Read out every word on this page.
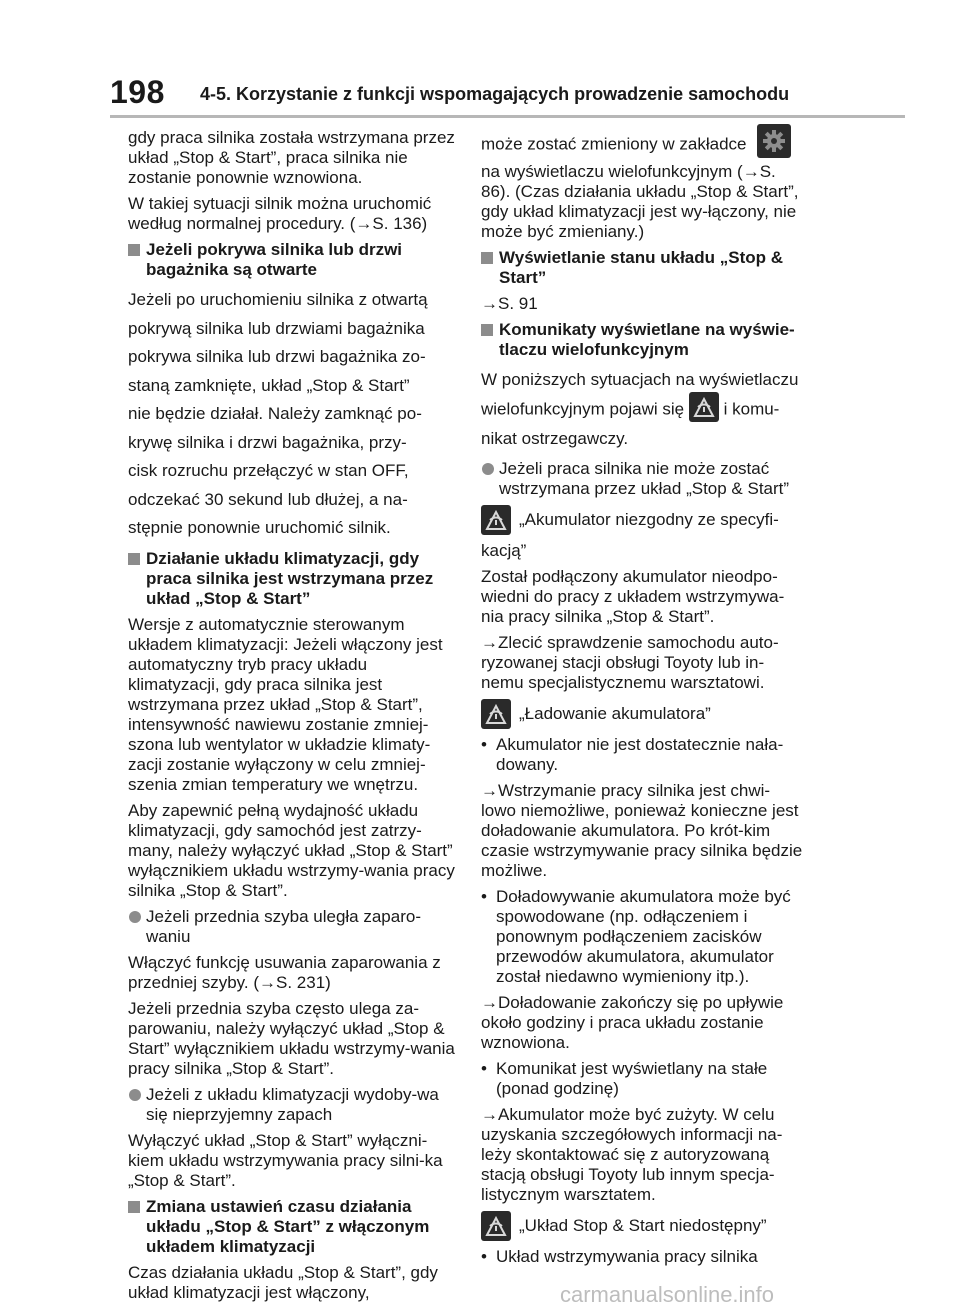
198 4-5. Korzystanie z funkcji wspomagających prowadzenie samochodu

gdy praca silnika została wstrzymana przez układ „Stop & Start”, praca silnika nie zostanie ponownie wznowiona.

W takiej sytuacji silnik można uruchomić według normalnej procedury. (→S. 136)

Jeżeli pokrywa silnika lub drzwi bagażnika są otwarte
Jeżeli po uruchomieniu silnika z otwartą
pokrywą silnika lub drzwiami bagażnika
pokrywa silnika lub drzwi bagażnika zo-
staną zamknięte, układ „Stop & Start”
nie będzie działał. Należy zamknąć po-
krywę silnika i drzwi bagażnika, przy-
cisk rozruchu przełączyć w stan OFF,
odczekać 30 sekund lub dłużej, a na-
stępnie ponownie uruchomić silnik.
Działanie układu klimatyzacji, gdy praca silnika jest wstrzymana przez układ „Stop & Start”

Wersje z automatycznie sterowanym układem klimatyzacji: Jeżeli włączony jest automatyczny tryb pracy układu klimatyzacji, gdy praca silnika jest wstrzymana przez układ „Stop & Start”, intensywność nawiewu zostanie zmniej-szona lub wentylator w układzie klimaty-zacji zostanie wyłączony w celu zmniej-szenia zmian temperatury we wnętrzu.

Aby zapewnić pełną wydajność układu klimatyzacji, gdy samochód jest zatrzy-many, należy wyłączyć układ „Stop & Start” wyłącznikiem układu wstrzymy-wania pracy silnika „Stop & Start”.

Jeżeli przednia szyba uległa zaparo-waniu

Włączyć funkcję usuwania zaparowania z przedniej szyby. (→S. 231)

Jeżeli przednia szyba często ulega za-parowaniu, należy wyłączyć układ „Stop & Start” wyłącznikiem układu wstrzymy-wania pracy silnika „Stop & Start”.

Jeżeli z układu klimatyzacji wydoby-wa się nieprzyjemny zapach

Wyłączyć układ „Stop & Start” wyłączni-kiem układu wstrzymywania pracy silni-ka „Stop & Start”.

Zmiana ustawień czasu działania układu „Stop & Start” z włączonym układem klimatyzacji

Czas działania układu „Stop & Start”, gdy układ klimatyzacji jest włączony,

może zostać zmieniony w zakładce  na wyświetlaczu wielofunkcyjnym (→S. 86). (Czas działania układu „Stop & Start”, gdy układ klimatyzacji jest wy-łączony, nie może być zmieniany.)

Wyświetlanie stanu układu „Stop & Start”

→S. 91

Komunikaty wyświetlane na wyświe-tlaczu wielofunkcyjnym
W poniższych sytuacjach na wyświetlaczu
wielofunkcyjnym pojawi się i komu-
nikat ostrzegawczy.
Jeżeli praca silnika nie może zostać wstrzymana przez układ „Stop & Start”
„Akumulator niezgodny ze specyfi-

kacją”

Został podłączony akumulator nieodpo-wiedni do pracy z układem wstrzymywa-nia pracy silnika „Stop & Start”.

→Zlecić sprawdzenie samochodu auto-ryzowanej stacji obsługi Toyoty lub in-nemu specjalistycznemu warsztatowi.

„Ładowanie akumulatora”
• Akumulator nie jest dostatecznie nała-dowany.

→Wstrzymanie pracy silnika jest chwi-lowo niemożliwe, ponieważ konieczne jest doładowanie akumulatora. Po krót-kim czasie wstrzymywanie pracy silnika będzie możliwe.

• Doładowywanie akumulatora może być spowodowane (np. odłączeniem i ponownym podłączeniem zacisków przewodów akumulatora, akumulator został niedawno wymieniony itp.).

→Doładowanie zakończy się po upływie około godziny i praca układu zostanie wznowiona.

• Komunikat jest wyświetlany na stałe (ponad godzinę)

→Akumulator może być zużyty. W celu uzyskania szczegółowych informacji na-leży skontaktować się z autoryzowaną stacją obsługi Toyoty lub innym specja-listycznym warsztatem.

„Układ Stop & Start niedostępny”
• Układ wstrzymywania pracy silnika
carmanualsonline.info
